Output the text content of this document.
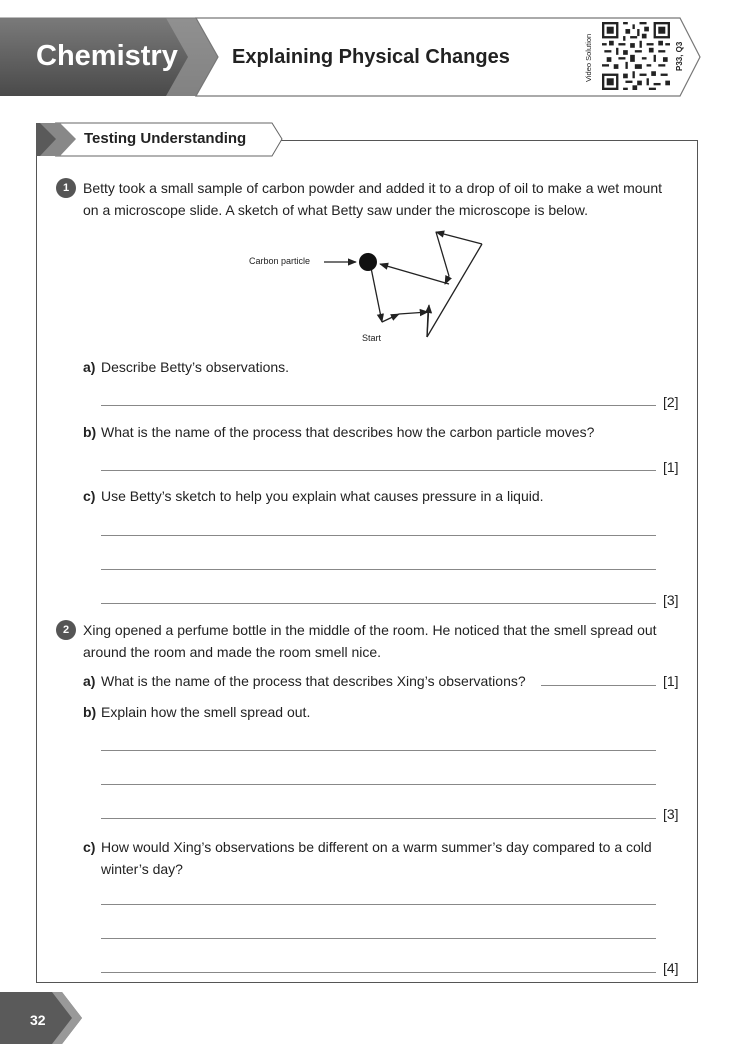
Chemistry	Explaining Physical Changes	Video Solution	P33, Q3
Testing Understanding
1 Betty took a small sample of carbon powder and added it to a drop of oil to make a wet mount on a microscope slide. A sketch of what Betty saw under the microscope is below.
Carbon particle
Start
a) Describe Betty’s observations.
[2]
b) What is the name of the process that describes how the carbon particle moves?
[1]
c) Use Betty’s sketch to help you explain what causes pressure in a liquid.
[3]
2 Xing opened a perfume bottle in the middle of the room. He noticed that the smell spread out around the room and made the room smell nice.
a) What is the name of the process that describes Xing’s observations?	[1]
b) Explain how the smell spread out.
[3]
c) How would Xing’s observations be different on a warm summer’s day compared to a cold winter’s day?
[4]
32
